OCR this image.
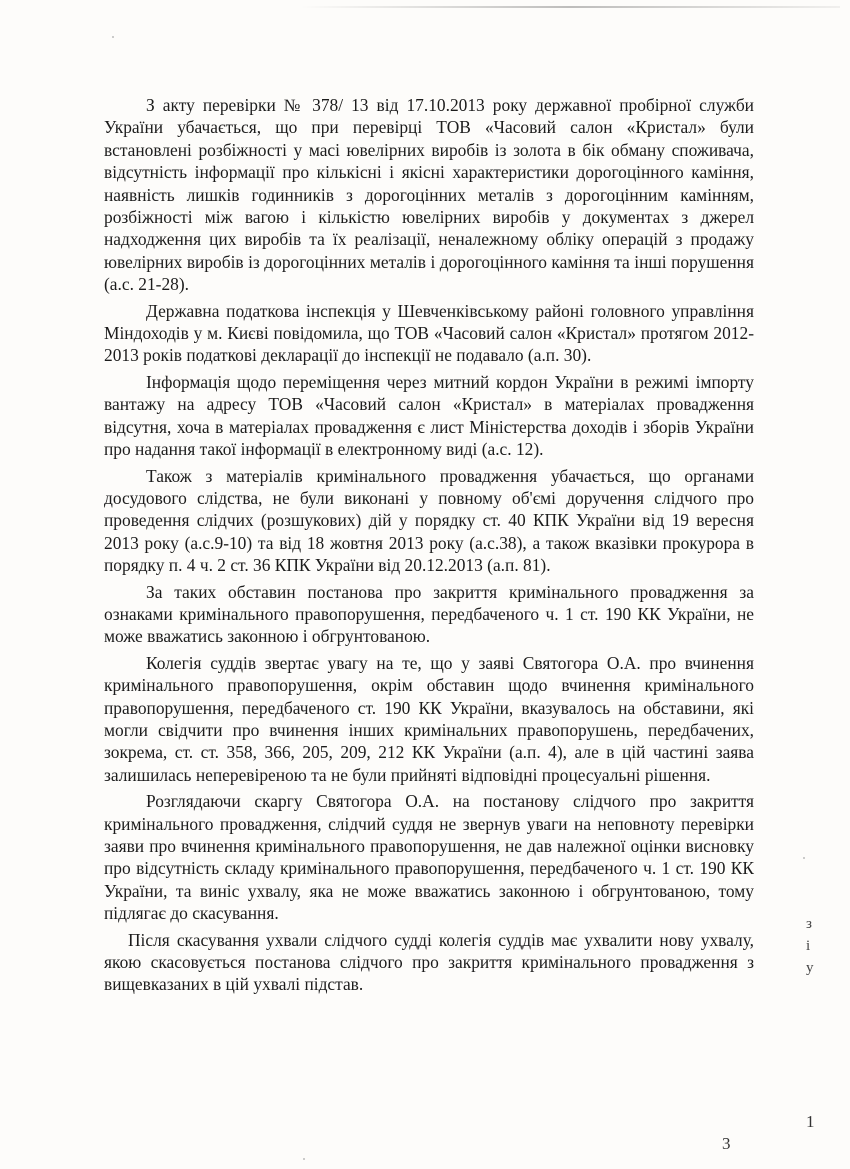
З акту перевірки № 378/ 13 від 17.10.2013 року державної пробірної служби України убачається, що при перевірці ТОВ «Часовий салон «Кристал» були встановлені розбіжності у масі ювелірних виробів із золота в бік обману споживача, відсутність інформації про кількісні і якісні характеристики дорогоцінного каміння, наявність лишків годинників з дорогоцінних металів з дорогоцінним камінням, розбіжності між вагою і кількістю ювелірних виробів у документах з джерел надходження цих виробів та їх реалізації, неналежному обліку операцій з продажу ювелірних виробів із дорогоцінних металів і дорогоцінного каміння та інші порушення (а.с. 21-28).

Державна податкова інспекція у Шевченківському районі головного управління Міндоходів у м. Києві повідомила, що ТОВ «Часовий салон «Кристал» протягом 2012-2013 років податкові декларації до інспекції не подавало (а.п. 30).

Інформація щодо переміщення через митний кордон України в режимі імпорту вантажу на адресу ТОВ «Часовий салон «Кристал» в матеріалах провадження відсутня, хоча в матеріалах провадження є лист Міністерства доходів і зборів України про надання такої інформації в електронному виді (а.с. 12).

Також з матеріалів кримінального провадження убачається, що органами досудового слідства, не були виконані у повному об'ємі доручення слідчого про проведення слідчих (розшукових) дій у порядку ст. 40 КПК України від 19 вересня 2013 року (а.с.9-10) та від 18 жовтня 2013 року (а.с.38), а також вказівки прокурора в порядку п. 4 ч. 2 ст. 36 КПК України від 20.12.2013 (а.п. 81).

За таких обставин постанова про закриття кримінального провадження за ознаками кримінального правопорушення, передбаченого ч. 1 ст. 190 КК України, не може вважатись законною і обгрунтованою.

Колегія суддів звертає увагу на те, що у заяві Святогора О.А. про вчинення кримінального правопорушення, окрім обставин щодо вчинення кримінального правопорушення, передбаченого ст. 190 КК України, вказувалось на обставини, які могли свідчити про вчинення інших кримінальних правопорушень, передбачених, зокрема, ст. ст. 358, 366, 205, 209, 212 КК України (а.п. 4), але в цій частині заява залишилась неперевіреною та не були прийняті відповідні процесуальні рішення.

Розглядаючи скаргу Святогора О.А. на постанову слідчого про закриття кримінального провадження, слідчий суддя не звернув уваги на неповноту перевірки заяви про вчинення кримінального правопорушення, не дав належної оцінки висновку про відсутність складу кримінального правопорушення, передбаченого ч. 1 ст. 190 КК України, та виніс ухвалу, яка не може вважатись законною і обгрунтованою, тому підлягає до скасування.

Після скасування ухвали слідчого судді колегія суддів має ухвалити нову ухвалу, якою скасовується постанова слідчого про закриття кримінального провадження з вищевказаних в цій ухвалі підстав.

з
і
у
1
3
